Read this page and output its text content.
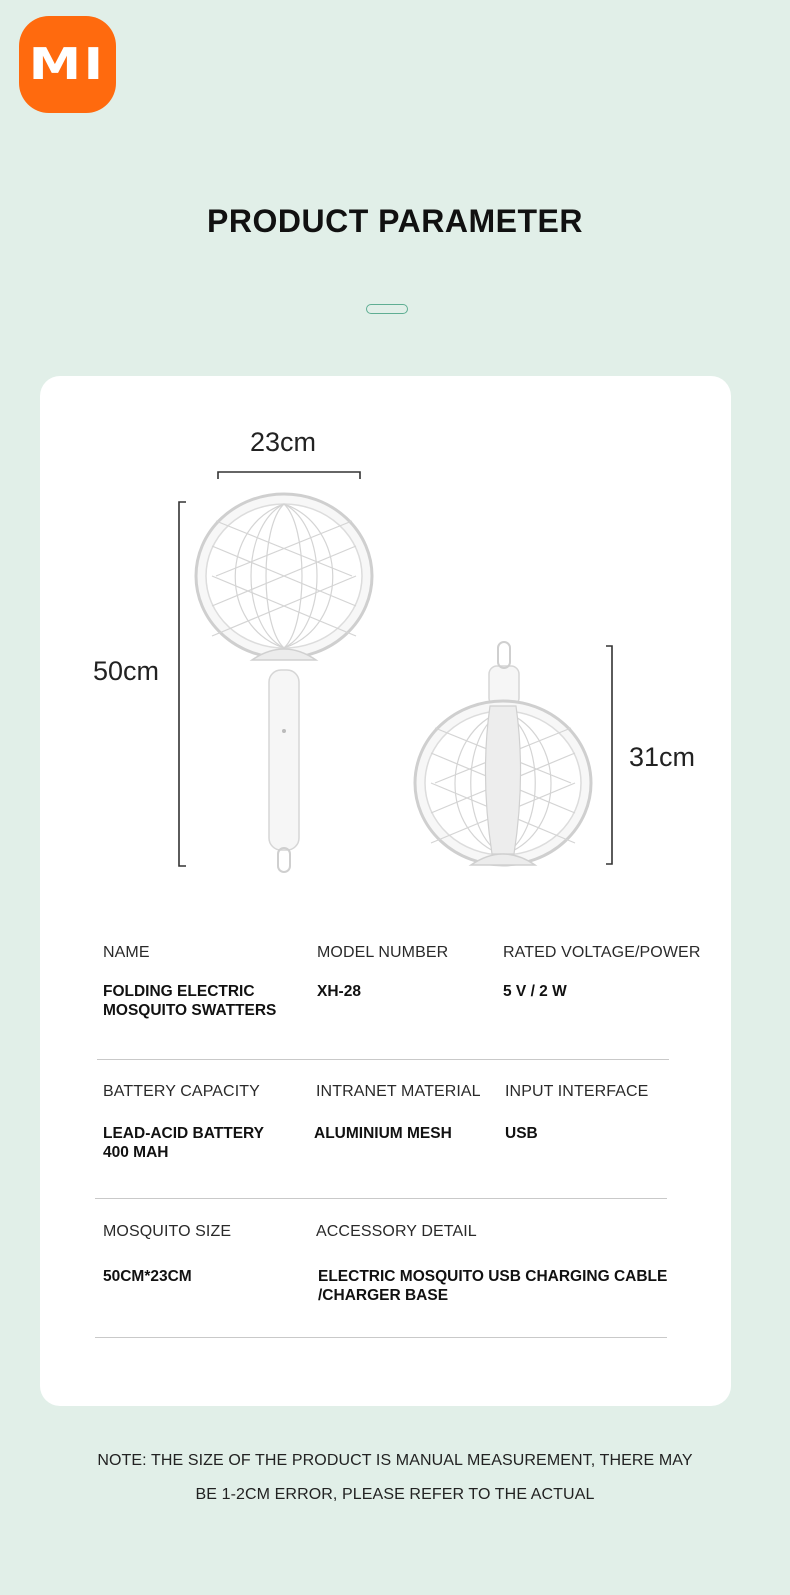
MI
PRODUCT PARAMETER
23cm
50cm
31cm
NAME
FOLDING ELECTRIC
MOSQUITO SWATTERS
MODEL NUMBER
XH-28
RATED VOLTAGE/POWER
5 V / 2 W
BATTERY CAPACITY
LEAD-ACID BATTERY
400 MAH
INTRANET MATERIAL
ALUMINIUM MESH
INPUT INTERFACE
USB
MOSQUITO SIZE
50CM*23CM
ACCESSORY DETAIL
ELECTRIC MOSQUITO USB CHARGING CABLE
/CHARGER BASE
NOTE: THE SIZE OF THE PRODUCT IS MANUAL MEASUREMENT, THERE MAY
BE 1-2CM ERROR, PLEASE REFER TO THE ACTUAL
